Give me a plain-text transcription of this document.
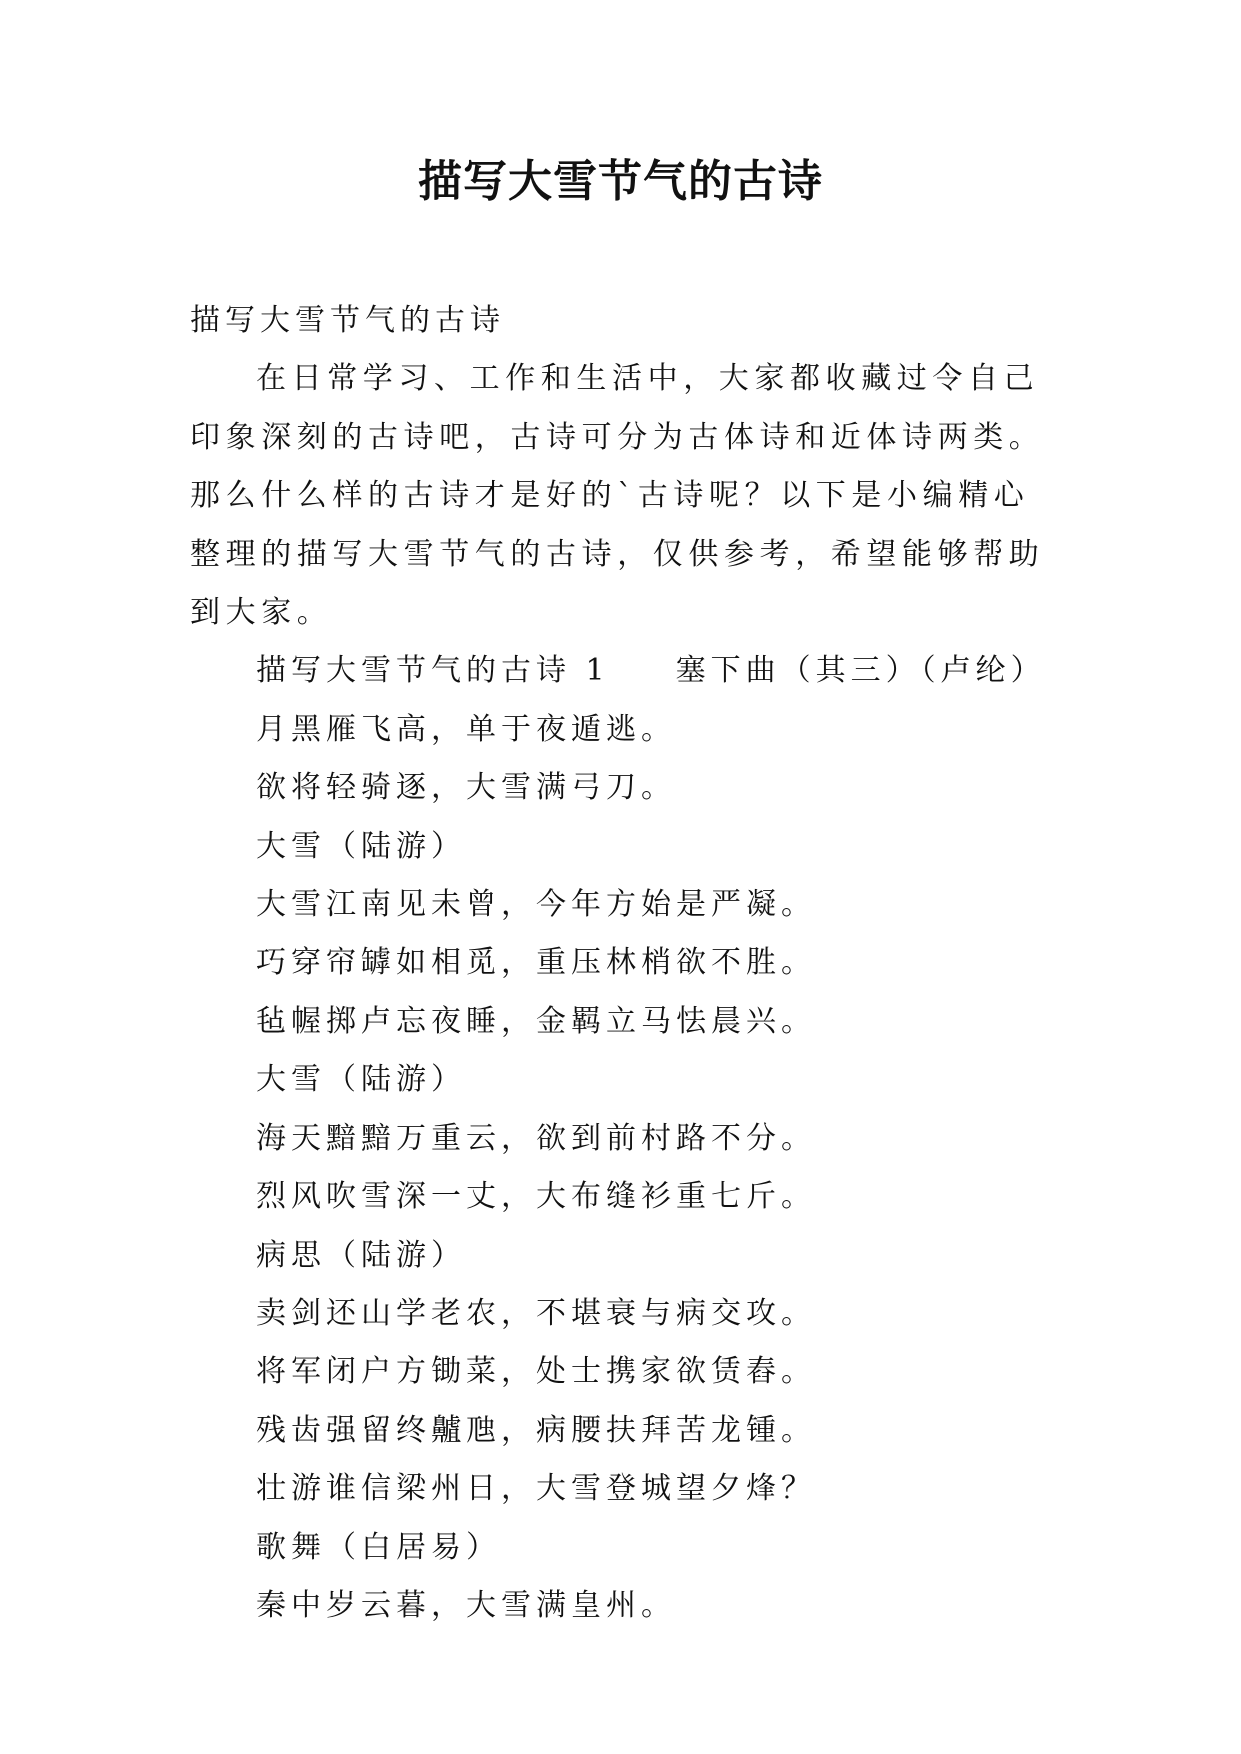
描写大雪节气的古诗

描写大雪节气的古诗

在日常学习、工作和生活中，大家都收藏过令自己印象深刻的古诗吧，古诗可分为古体诗和近体诗两类。那么什么样的古诗才是好的`古诗呢？以下是小编精心整理的描写大雪节气的古诗，仅供参考，希望能够帮助到大家。

描写大雪节气的古诗 1 塞下曲（其三）（卢纶）

月黑雁飞高，单于夜遁逃。

欲将轻骑逐，大雪满弓刀。

大雪（陆游）

大雪江南见未曾，今年方始是严凝。

巧穿帘罅如相觅，重压林梢欲不胜。

毡幄掷卢忘夜睡，金羁立马怯晨兴。

大雪（陆游）

海天黯黯万重云，欲到前村路不分。

烈风吹雪深一丈，大布缝衫重七斤。

病思（陆游）

卖剑还山学老农，不堪衰与病交攻。

将军闭户方锄菜，处士携家欲赁舂。

残齿强留终齇虺，病腰扶拜苦龙锺。

壮游谁信梁州日，大雪登城望夕烽？

歌舞（白居易）

秦中岁云暮，大雪满皇州。
